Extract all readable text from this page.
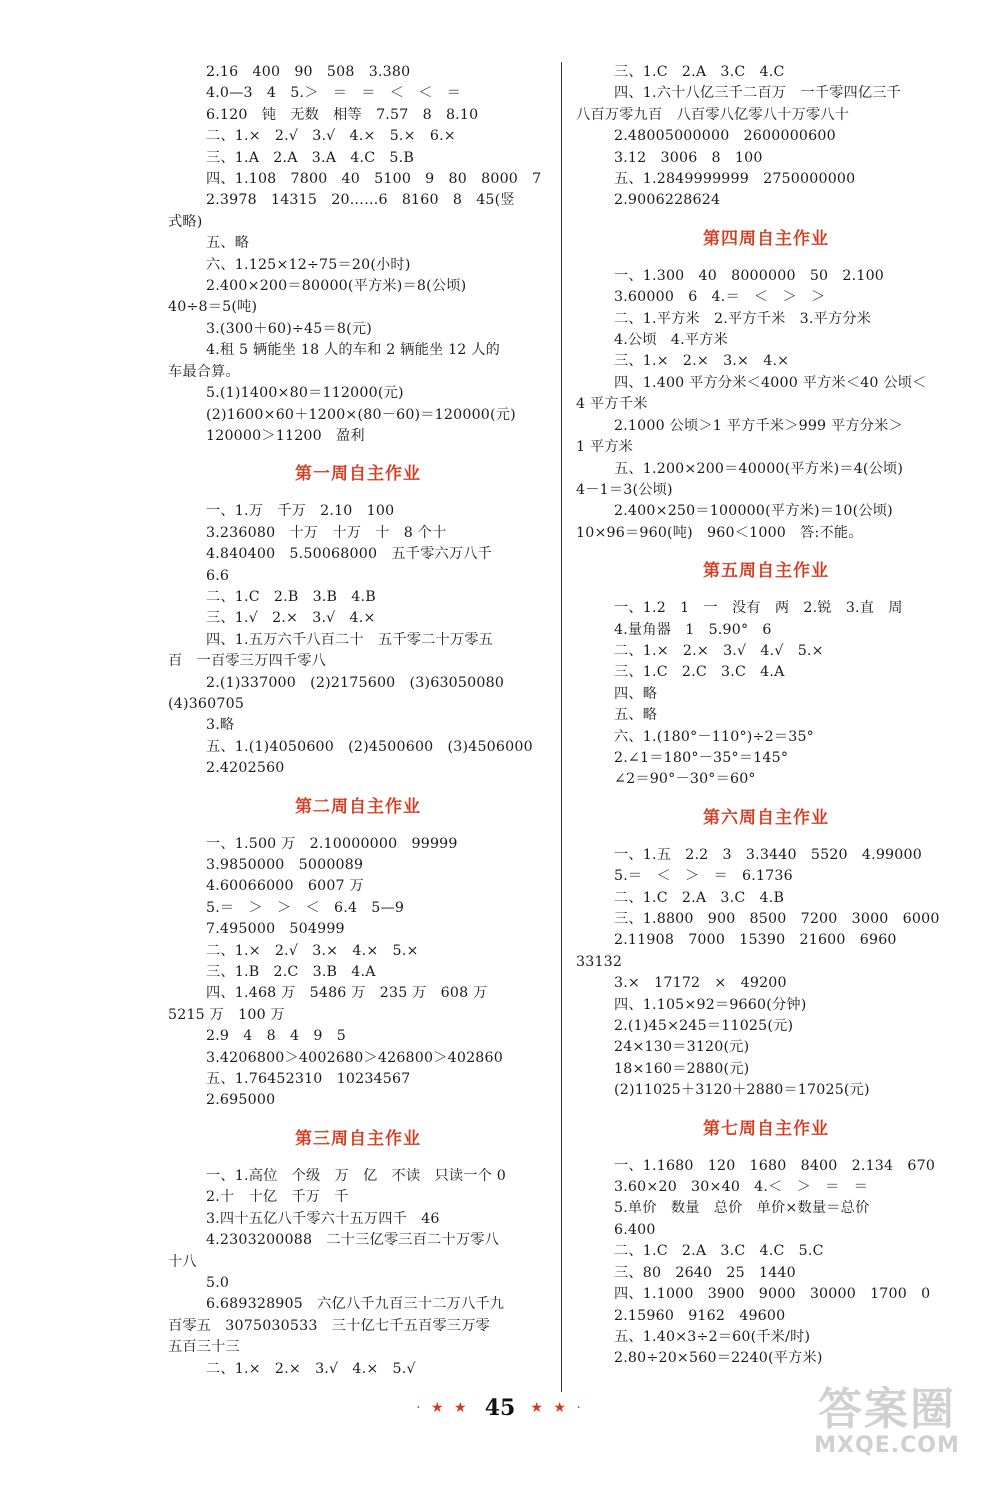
2.16   400   90   508   3.380
4.0—3   4   5.＞   ＝   ＝   ＜   ＜   ＝
6.120   钝   无数   相等   7.57   8   8.10
二、1.×   2.√   3.√   4.×   5.×   6.×
三、1.A   2.A   3.A   4.C   5.B
四、1.108   7800   40   5100   9   80   8000   7
2.3978   14315   20……6   8160   8   45(竖
式略)
五、略
六、1.125×12÷75＝20(小时)
2.400×200＝80000(平方米)＝8(公顷)
40÷8＝5(吨)
3.(300＋60)÷45＝8(元)
4.租 5 辆能坐 18 人的车和 2 辆能坐 12 人的
车最合算。
5.(1)1400×80＝112000(元)
(2)1600×60＋1200×(80－60)＝120000(元)
120000＞11200   盈利
第一周自主作业
一、1.万   千万   2.10   100
3.236080   十万   十万   十   8 个十
4.840400   5.50068000   五千零六万八千
6.6
二、1.C   2.B   3.B   4.B
三、1.√   2.×   3.√   4.×
四、1.五万六千八百二十   五千零二十万零五
百   一百零三万四千零八
2.(1)337000   (2)2175600   (3)63050080
(4)360705
3.略
五、1.(1)4050600   (2)4500600   (3)4506000
2.4202560
第二周自主作业
一、1.500 万   2.10000000   99999
3.9850000   5000089
4.60066000   6007 万
5.＝   ＞   ＞   ＜   6.4   5—9
7.495000   504999
二、1.×   2.√   3.×   4.×   5.×
三、1.B   2.C   3.B   4.A
四、1.468 万   5486 万   235 万   608 万
5215 万   100 万
2.9   4   8   4   9   5
3.4206800＞4002680＞426800＞402860
五、1.76452310   10234567
2.695000
第三周自主作业
一、1.高位   个级   万   亿   不读   只读一个 0
2.十   十亿   千万   千
3.四十五亿八千零六十五万四千   46
4.2303200088   二十三亿零三百二十万零八
十八
5.0
6.689328905   六亿八千九百三十二万八千九
百零五   3075030533   三十亿七千五百零三万零
五百三十三
二、1.×   2.×   3.√   4.×   5.√
三、1.C   2.A   3.C   4.C
四、1.六十八亿三千二百万   一千零四亿三千
八百万零九百   八百零八亿零八十万零八十
2.48005000000   2600000600
3.12   3006   8   100
五、1.2849999999   2750000000
2.9006228624
第四周自主作业
一、1.300   40   8000000   50   2.100
3.60000   6   4.＝   ＜   ＞   ＞
二、1.平方米   2.平方千米   3.平方分米
4.公顷   4.平方米
三、1.×   2.×   3.×   4.×
四、1.400 平方分米＜4000 平方米＜40 公顷＜
4 平方千米
2.1000 公顷＞1 平方千米＞999 平方分米＞
1 平方米
五、1.200×200＝40000(平方米)＝4(公顷)
4－1＝3(公顷)
2.400×250＝100000(平方米)＝10(公顷)
10×96＝960(吨)   960＜1000   答:不能。
第五周自主作业
一、1.2   1   一   没有   两   2.锐   3.直   周
4.量角器   1   5.90°   6
二、1.×   2.×   3.√   4.√   5.×
三、1.C   2.C   3.C   4.A
四、略
五、略
六、1.(180°－110°)÷2＝35°
2.∠1＝180°－35°＝145°
∠2＝90°－30°＝60°
第六周自主作业
一、1.五   2.2   3   3.3440   5520   4.99000
5.＝   ＜   ＞   ＝   6.1736
二、1.C   2.A   3.C   4.B
三、1.8800   900   8500   7200   3000   6000
2.11908   7000   15390   21600   6960
33132
3.×   17172   ×   49200
四、1.105×92＝9660(分钟)
2.(1)45×245＝11025(元)
24×130＝3120(元)
18×160＝2880(元)
(2)11025＋3120＋2880＝17025(元)
第七周自主作业
一、1.1680   120   1680   8400   2.134   670
3.60×20   30×40   4.＜   ＞   ＝   ＝
5.单价   数量   总价   单价×数量＝总价
6.400
二、1.C   2.A   3.C   4.C   5.C
三、80   2640   25   1440
四、1.1000   3900   9000   30000   1700   0
2.15960   9162   49600
五、1.40×3÷2＝60(千米/时)
2.80÷20×560＝2240(平方米)
· ★ ★ 45 ★ ★ ·	答案圈
MXQE.COM
